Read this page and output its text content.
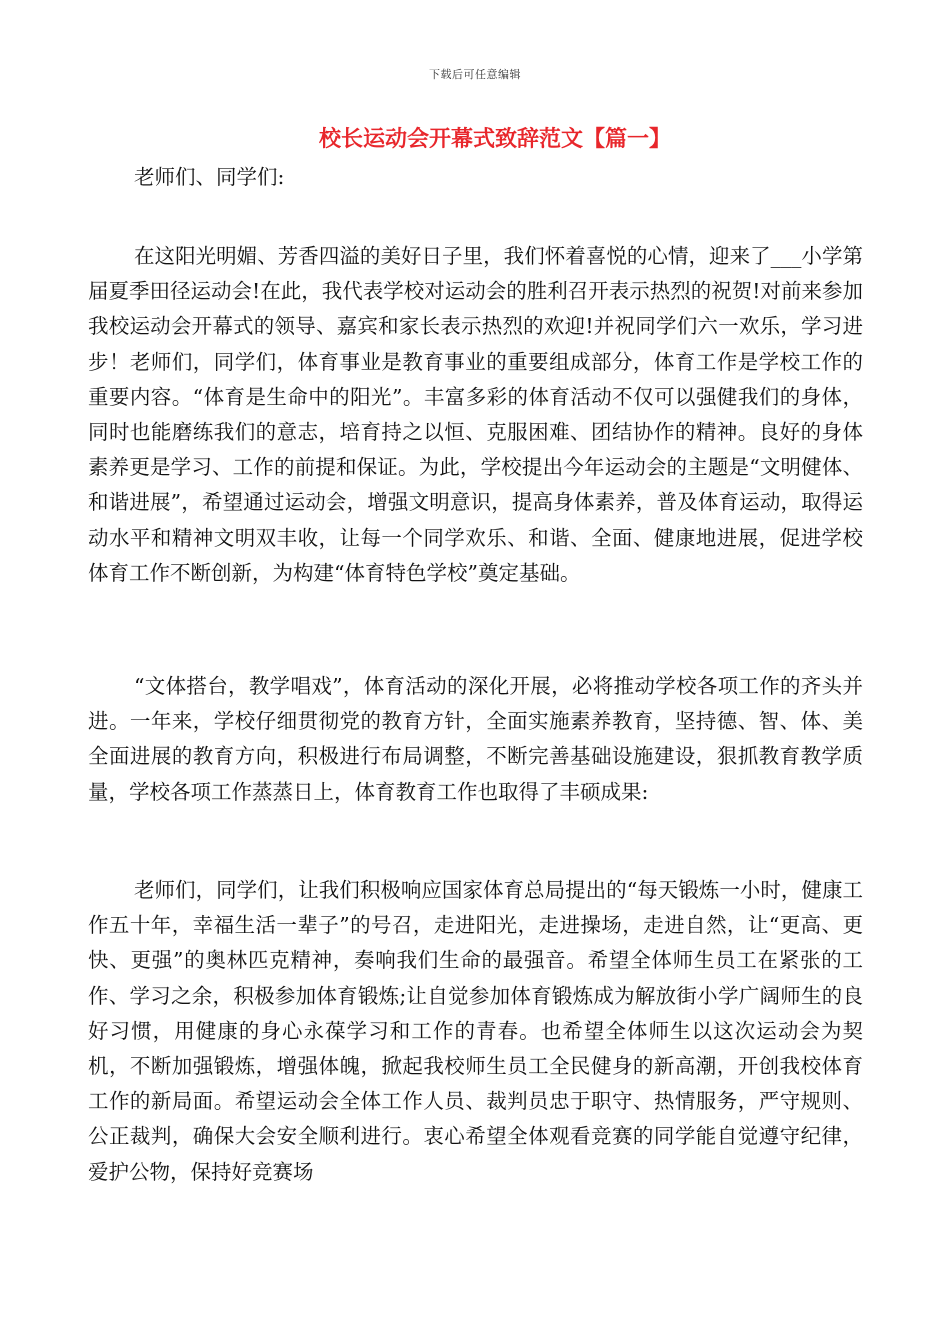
下载后可任意编辑
校长运动会开幕式致辞范文【篇一】

老师们、同学们:

在这阳光明媚、芳香四溢的美好日子里，我们怀着喜悦的心情，迎来了___小学第 届夏季田径运动会!在此，我代表学校对运动会的胜利召开表示热烈的祝贺!对前来参加我校运动会开幕式的领导、嘉宾和家长表示热烈的欢迎!并祝同学们六一欢乐，学习进步！老师们，同学们，体育事业是教育事业的重要组成部分，体育工作是学校工作的重要内容。“体育是生命中的阳光”。丰富多彩的体育活动不仅可以强健我们的身体，同时也能磨练我们的意志，培育持之以恒、克服困难、团结协作的精神。良好的身体素养更是学习、工作的前提和保证。为此，学校提出今年运动会的主题是“文明健体、和谐进展”，希望通过运动会，增强文明意识，提高身体素养，普及体育运动，取得运动水平和精神文明双丰收，让每一个同学欢乐、和谐、全面、健康地进展，促进学校体育工作不断创新，为构建“体育特色学校”奠定基础。

“文体搭台，教学唱戏”，体育活动的深化开展，必将推动学校各项工作的齐头并进。一年来，学校仔细贯彻党的教育方针，全面实施素养教育，坚持德、智、体、美全面进展的教育方向，积极进行布局调整，不断完善基础设施建设，狠抓教育教学质量，学校各项工作蒸蒸日上，体育教育工作也取得了丰硕成果:

老师们，同学们，让我们积极响应国家体育总局提出的“每天锻炼一小时，健康工作五十年，幸福生活一辈子”的号召，走进阳光，走进操场，走进自然，让“更高、更快、更强”的奥林匹克精神，奏响我们生命的最强音。希望全体师生员工在紧张的工作、学习之余，积极参加体育锻炼;让自觉参加体育锻炼成为解放街小学广阔师生的良好习惯，用健康的身心永葆学习和工作的青春。也希望全体师生以这次运动会为契机，不断加强锻炼，增强体魄，掀起我校师生员工全民健身的新高潮，开创我校体育工作的新局面。希望运动会全体工作人员、裁判员忠于职守、热情服务，严守规则、公正裁判，确保大会安全顺利进行。衷心希望全体观看竞赛的同学能自觉遵守纪律，爱护公物，保持好竞赛场
